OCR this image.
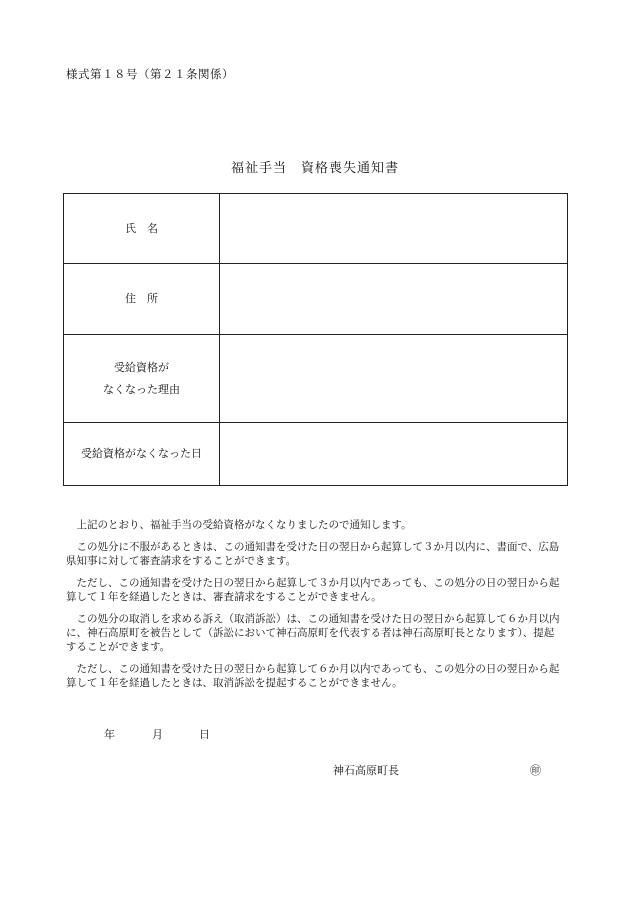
様式第１８号（第２１条関係）
福祉手当　資格喪失通知書
氏　名	
住　所	

受給資格が
なくなった理由	

受給資格がなくなった日	

上記のとおり、福祉手当の受給資格がなくなりましたので通知します。

この処分に不服があるときは、この通知書を受けた日の翌日から起算して３か月以内に、書面で、広島県知事に対して審査請求をすることができます。

ただし、この通知書を受けた日の翌日から起算して３か月以内であっても、この処分の日の翌日から起算して１年を経過したときは、審査請求をすることができません。

この処分の取消しを求める訴え（取消訴訟）は、この通知書を受けた日の翌日から起算して６か月以内に、神石高原町を被告として（訴訟において神石高原町を代表する者は神石高原町長となります）、提起することができます。

ただし、この通知書を受けた日の翌日から起算して６か月以内であっても、この処分の日の翌日から起算して１年を経過したときは、取消訴訟を提起することができません。

年	月	日
神石高原町長	㊞
